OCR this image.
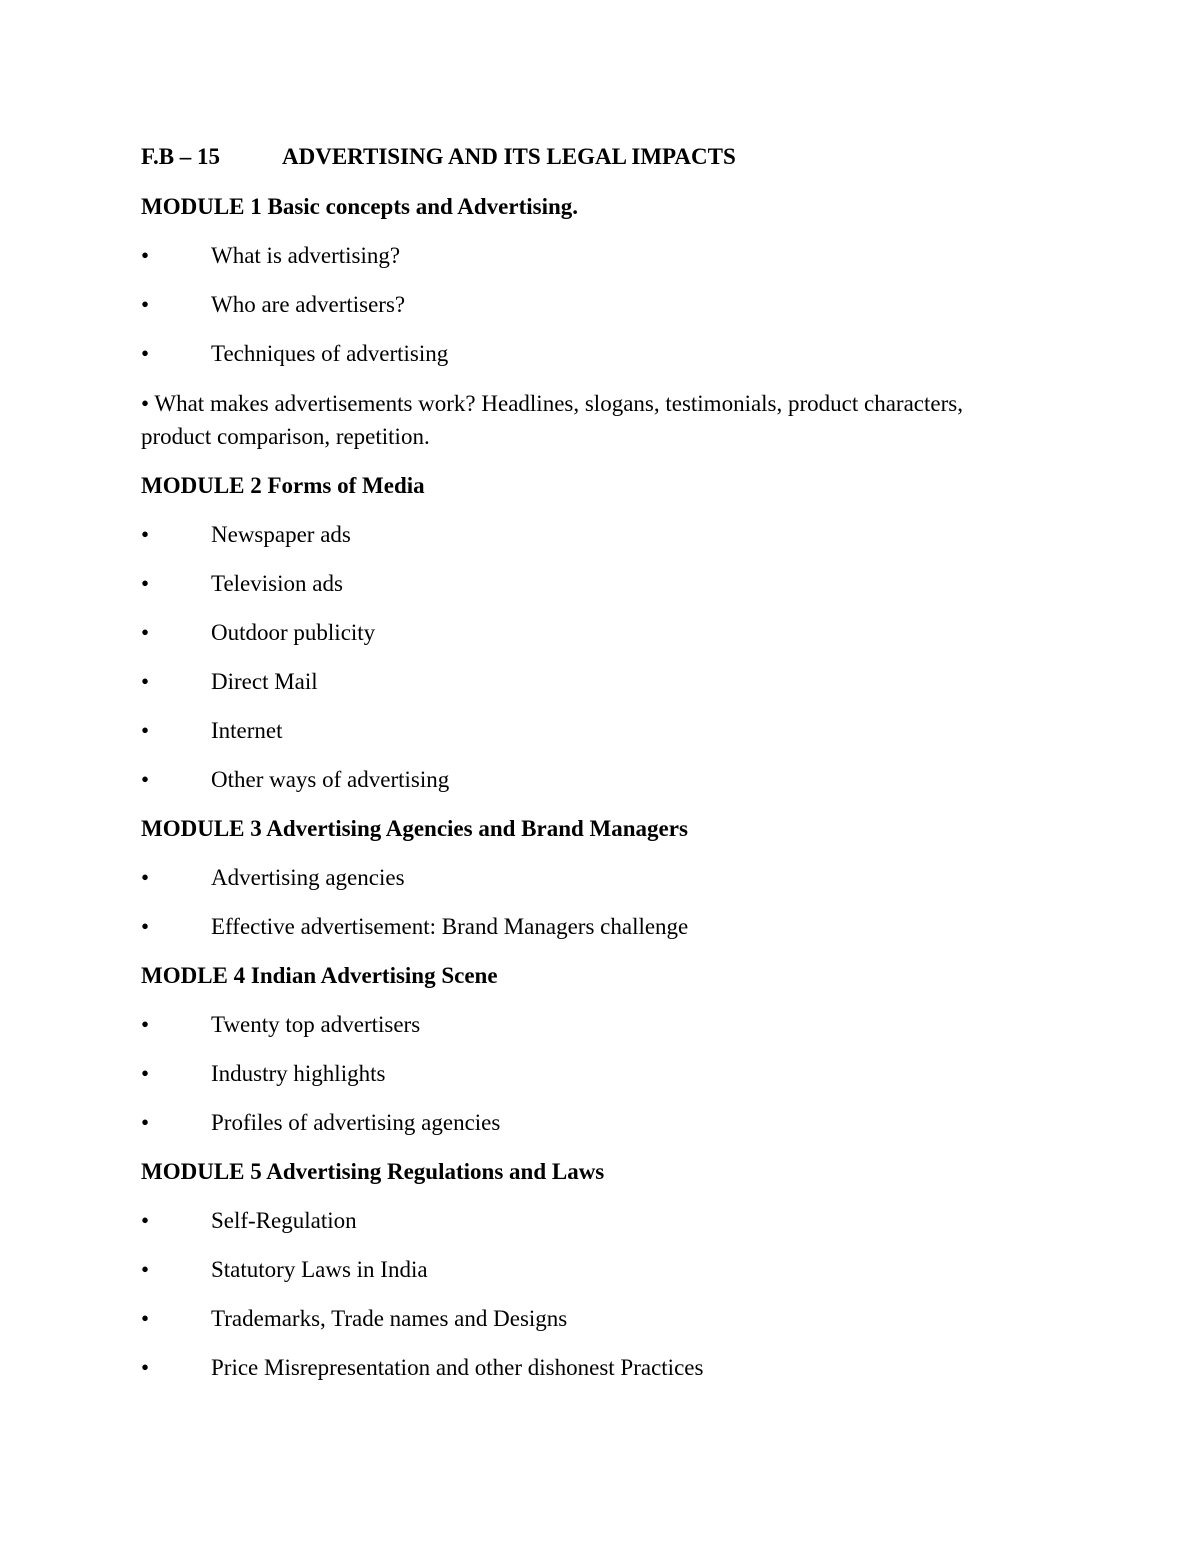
F.B – 15	ADVERTISING AND ITS LEGAL IMPACTS
MODULE 1 Basic concepts and Advertising.
•	What is advertising?
•	Who are advertisers?
•	Techniques of advertising
• What makes advertisements work? Headlines, slogans, testimonials, product characters, product comparison, repetition.
MODULE 2 Forms of Media
•	Newspaper ads
•	Television ads
•	Outdoor publicity
•	Direct Mail
•	Internet
•	Other ways of advertising
MODULE 3 Advertising Agencies and Brand Managers
•	Advertising agencies
•	Effective advertisement: Brand Managers challenge
MODLE 4 Indian Advertising Scene
•	Twenty top advertisers
•	Industry highlights
•	Profiles of advertising agencies
MODULE 5 Advertising Regulations and Laws
•	Self-Regulation
•	Statutory Laws in India
•	Trademarks, Trade names and Designs
•	Price Misrepresentation and other dishonest Practices
